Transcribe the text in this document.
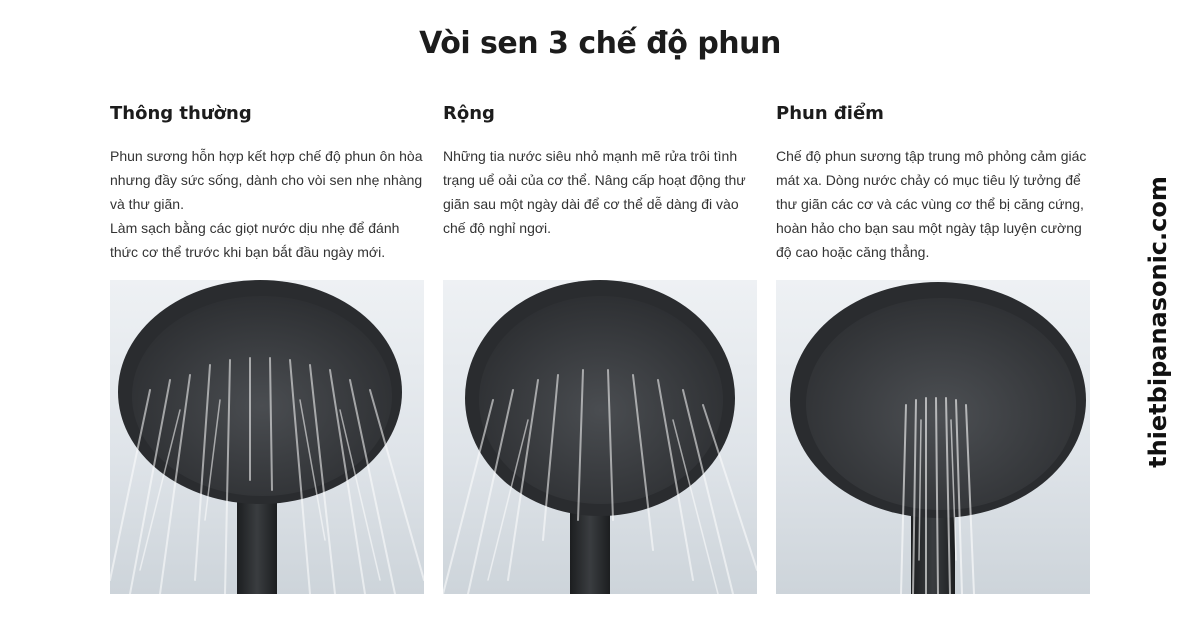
Vòi sen 3 chế độ phun
Thông thường

Phun sương hỗn hợp kết hợp chế độ phun ôn hòa nhưng đầy sức sống, dành cho vòi sen nhẹ nhàng và thư giãn.

Làm sạch bằng các giọt nước dịu nhẹ để đánh thức cơ thể trước khi bạn bắt đầu ngày mới.

Rộng

Những tia nước siêu nhỏ mạnh mẽ rửa trôi tình trạng uể oải của cơ thể. Nâng cấp hoạt động thư giãn sau một ngày dài để cơ thể dễ dàng đi vào chế độ nghỉ ngơi.

Phun điểm

Chế độ phun sương tập trung mô phỏng cảm giác mát xa. Dòng nước chảy có mục tiêu lý tưởng để thư giãn các cơ và các vùng cơ thể bị căng cứng, hoàn hảo cho bạn sau một ngày tập luyện cường độ cao hoặc căng thẳng.	thietbipanasonic.com
